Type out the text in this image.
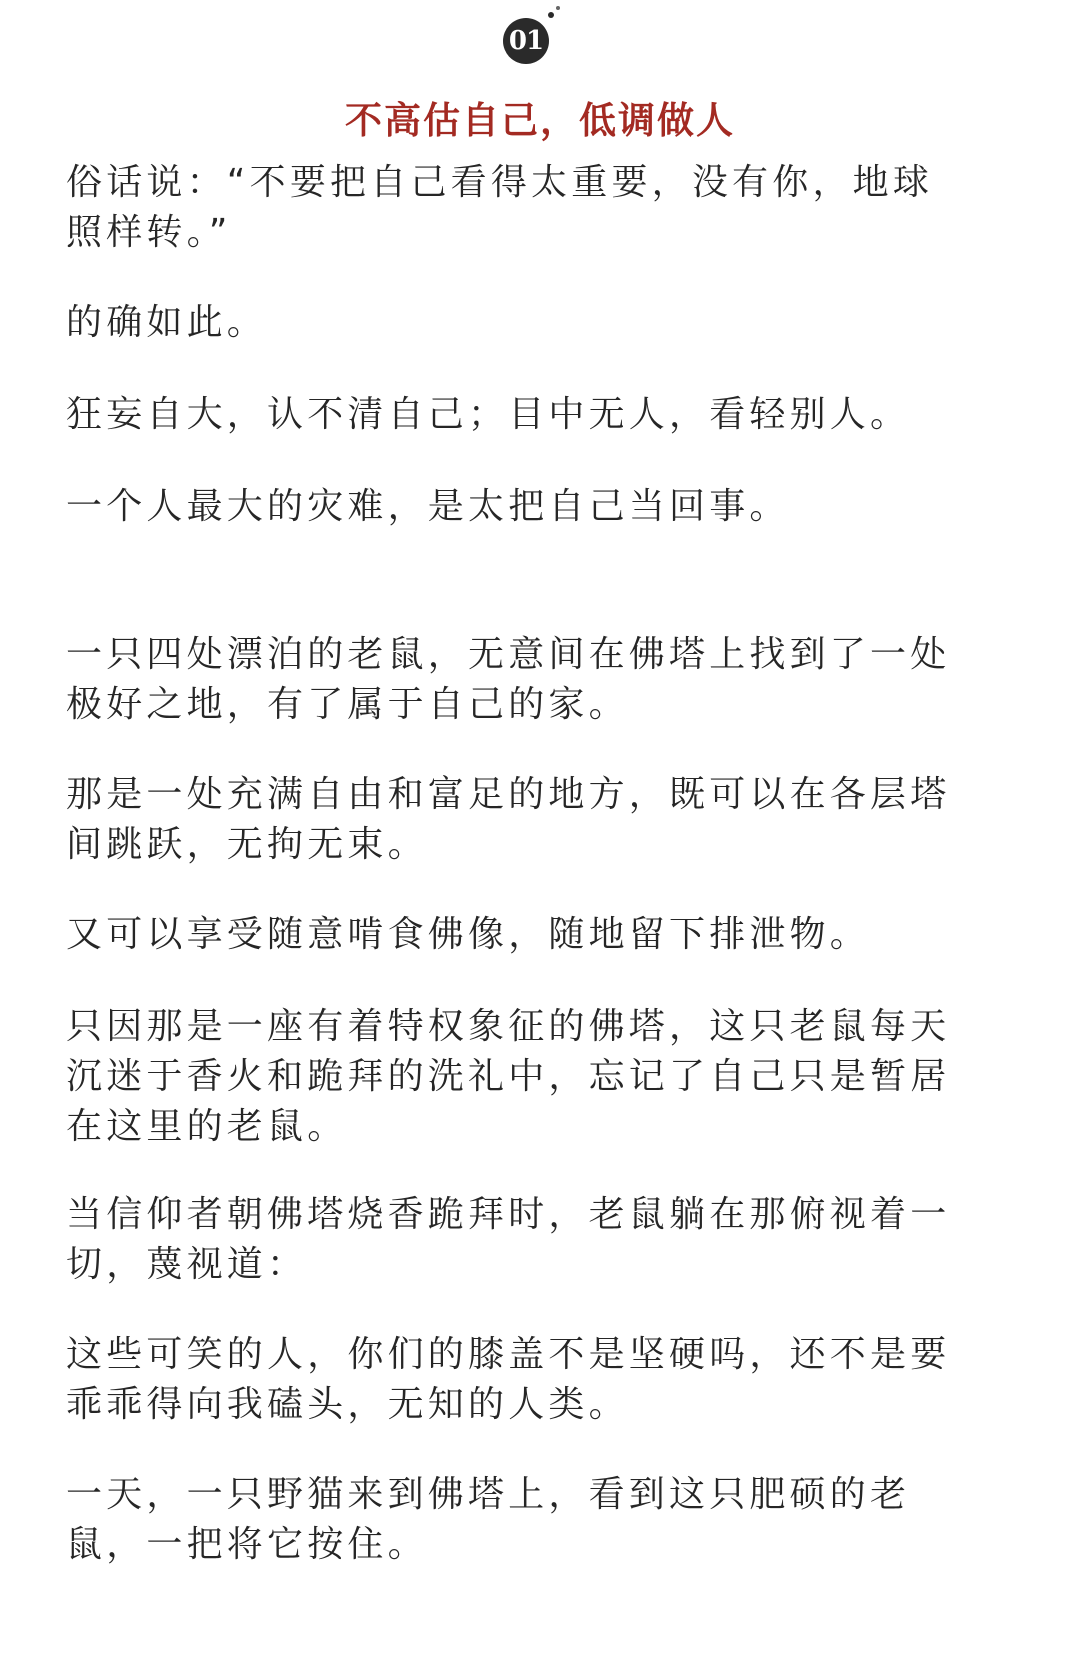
01
不高估自己，低调做人

俗话说：“不要把自己看得太重要，没有你，地球
照样转。”

的确如此。

狂妄自大，认不清自己；目中无人，看轻别人。

一个人最大的灾难，是太把自己当回事。

一只四处漂泊的老鼠，无意间在佛塔上找到了一处
极好之地，有了属于自己的家。

那是一处充满自由和富足的地方，既可以在各层塔
间跳跃，无拘无束。

又可以享受随意啃食佛像，随地留下排泄物。

只因那是一座有着特权象征的佛塔，这只老鼠每天
沉迷于香火和跪拜的洗礼中，忘记了自己只是暂居
在这里的老鼠。

当信仰者朝佛塔烧香跪拜时，老鼠躺在那俯视着一
切，蔑视道：

这些可笑的人，你们的膝盖不是坚硬吗，还不是要
乖乖得向我磕头，无知的人类。

一天，一只野猫来到佛塔上，看到这只肥硕的老
鼠，一把将它按住。
